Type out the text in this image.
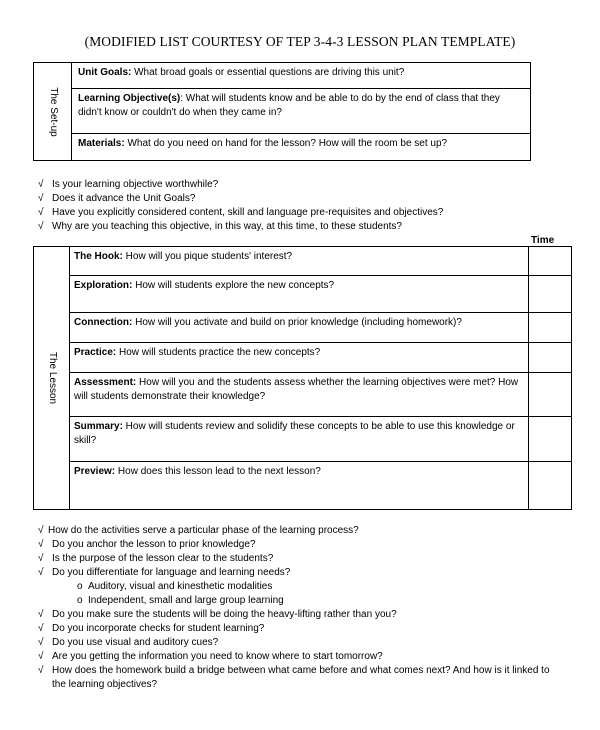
(MODIFIED LIST COURTESY OF TEP 3-4-3 LESSON PLAN TEMPLATE)
The Set-up
	Unit Goals: What broad goals or essential questions are driving this unit?
Learning Objective(s): What will students know and be able to do by the end of class that they didn't know or couldn't do when they came in?
Materials: What do you need on hand for the lesson? How will the room be set up?
√ Is your learning objective worthwhile?
√ Does it advance the Unit Goals?
√ Have you explicitly considered content, skill and language pre-requisites and objectives?
√ Why are you teaching this objective, in this way, at this time, to these students?
Time
The Lesson	The Hook: How will you pique students' interest?	
	Exploration: How will students explore the new concepts?	
	Connection: How will you activate and build on prior knowledge (including homework)?	
	Practice: How will students practice the new concepts?	
	Assessment: How will you and the students assess whether the learning objectives were met? How will students demonstrate their knowledge?	
	Summary: How will students review and solidify these concepts to be able to use this knowledge or skill?	
	Preview: How does this lesson lead to the next lesson?	
√ How do the activities serve a particular phase of the learning process?
√ Do you anchor the lesson to prior knowledge?
√ Is the purpose of the lesson clear to the students?
√ Do you differentiate for language and learning needs?
o Auditory, visual and kinesthetic modalities
o Independent, small and large group learning
√ Do you make sure the students will be doing the heavy-lifting rather than you?
√ Do you incorporate checks for student learning?
√ Do you use visual and auditory cues?
√ Are you getting the information you need to know where to start tomorrow?
√ How does the homework build a bridge between what came before and what comes next? And how is it linked to the learning objectives?
